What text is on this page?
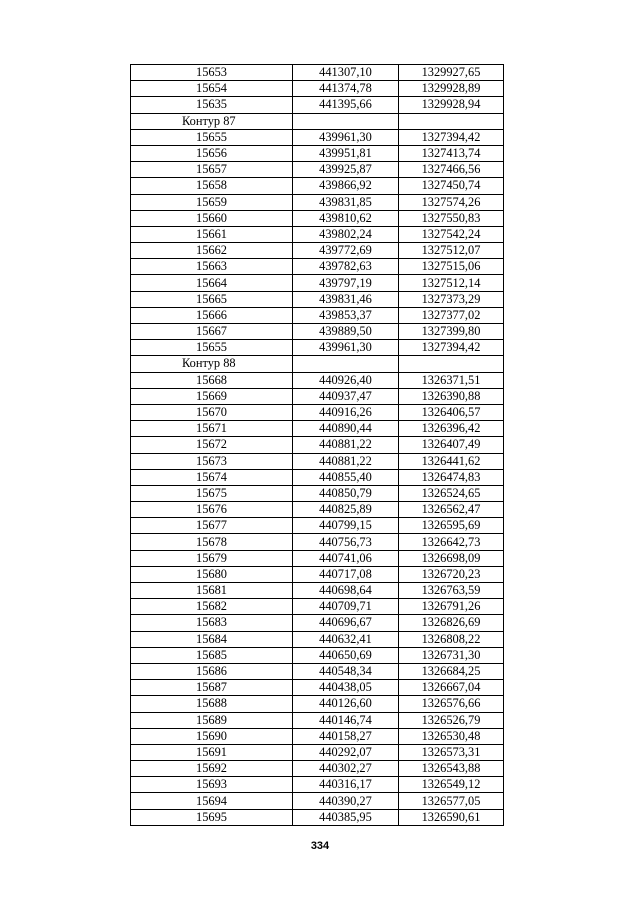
15653	441307,10	1329927,65
15654	441374,78	1329928,89
15635	441395,66	1329928,94
Контур 87		
15655	439961,30	1327394,42
15656	439951,81	1327413,74
15657	439925,87	1327466,56
15658	439866,92	1327450,74
15659	439831,85	1327574,26
15660	439810,62	1327550,83
15661	439802,24	1327542,24
15662	439772,69	1327512,07
15663	439782,63	1327515,06
15664	439797,19	1327512,14
15665	439831,46	1327373,29
15666	439853,37	1327377,02
15667	439889,50	1327399,80
15655	439961,30	1327394,42
Контур 88		
15668	440926,40	1326371,51
15669	440937,47	1326390,88
15670	440916,26	1326406,57
15671	440890,44	1326396,42
15672	440881,22	1326407,49
15673	440881,22	1326441,62
15674	440855,40	1326474,83
15675	440850,79	1326524,65
15676	440825,89	1326562,47
15677	440799,15	1326595,69
15678	440756,73	1326642,73
15679	440741,06	1326698,09
15680	440717,08	1326720,23
15681	440698,64	1326763,59
15682	440709,71	1326791,26
15683	440696,67	1326826,69
15684	440632,41	1326808,22
15685	440650,69	1326731,30
15686	440548,34	1326684,25
15687	440438,05	1326667,04
15688	440126,60	1326576,66
15689	440146,74	1326526,79
15690	440158,27	1326530,48
15691	440292,07	1326573,31
15692	440302,27	1326543,88
15693	440316,17	1326549,12
15694	440390,27	1326577,05
15695	440385,95	1326590,61
334
